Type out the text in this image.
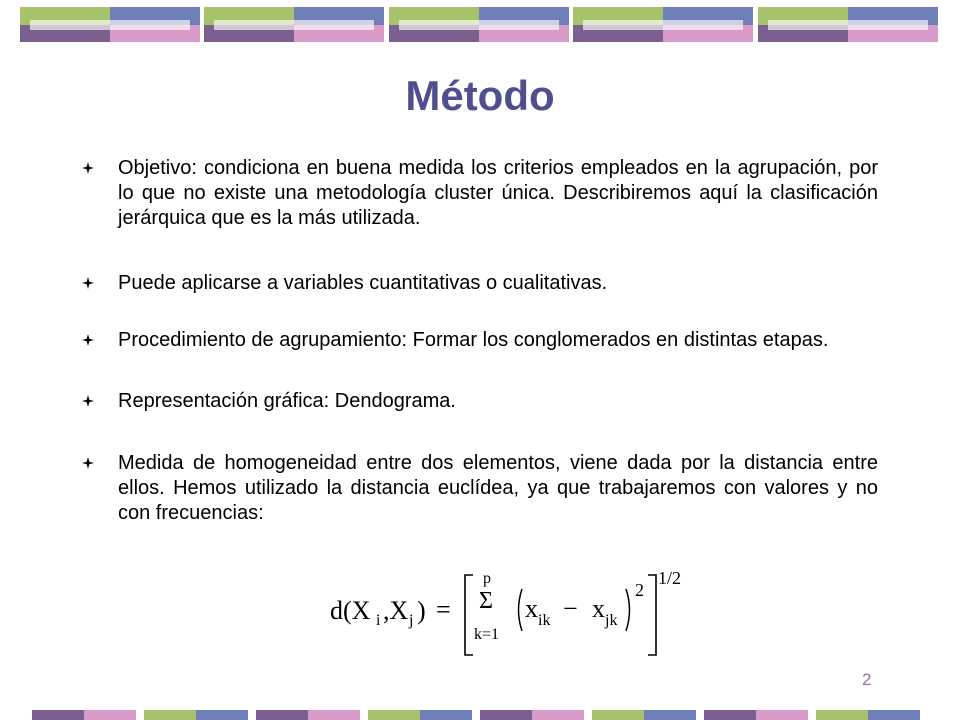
Método
Objetivo: condiciona en buena medida los criterios empleados en la agrupación, por lo que no existe una metodología cluster única. Describiremos aquí la clasificación jerárquica que es la más utilizada.
Puede aplicarse a variables cuantitativas o cualitativas.
Procedimiento de agrupamiento: Formar los conglomerados en distintas etapas.
Representación gráfica: Dendograma.
Medida de homogeneidad entre dos elementos, viene dada por la distancia entre ellos. Hemos utilizado la distancia euclídea, ya que trabajaremos con valores y no con frecuencias:
d(X i ,X j ) =
p
Σ
k=1
x ik − x jk
2
1/2
2
